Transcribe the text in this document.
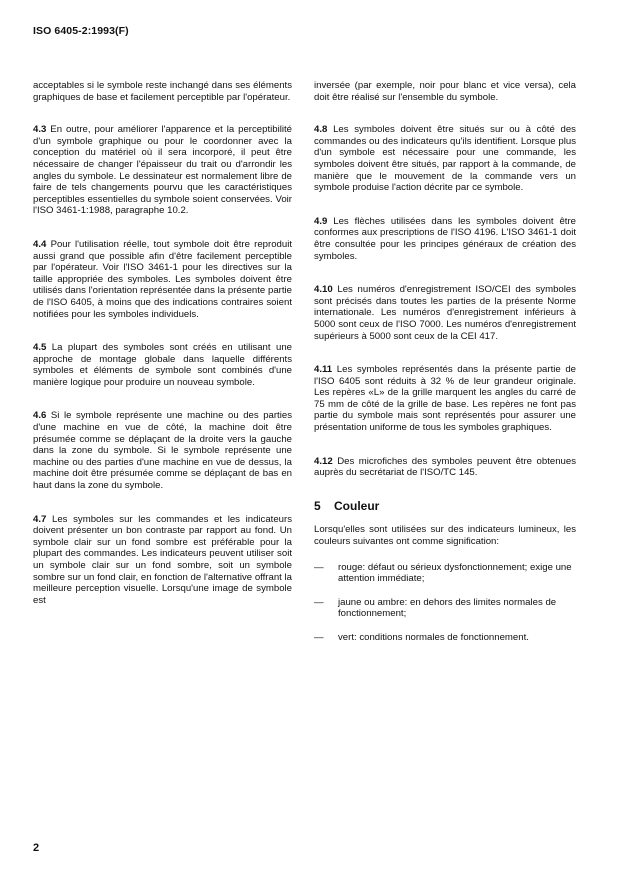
ISO 6405-2:1993(F)

acceptables si le symbole reste inchangé dans ses éléments graphiques de base et facilement perceptible par l'opérateur.

4.3 En outre, pour améliorer l'apparence et la perceptibilité d'un symbole graphique ou pour le coordonner avec la conception du matériel où il sera incorporé, il peut être nécessaire de changer l'épaisseur du trait ou d'arrondir les angles du symbole. Le dessinateur est normalement libre de faire de tels changements pourvu que les caractéristiques perceptibles essentielles du symbole soient conservées. Voir l'ISO 3461-1:1988, paragraphe 10.2.

4.4 Pour l'utilisation réelle, tout symbole doit être reproduit aussi grand que possible afin d'être facilement perceptible par l'opérateur. Voir l'ISO 3461-1 pour les directives sur la taille appropriée des symboles. Les symboles doivent être utilisés dans l'orientation représentée dans la présente partie de l'ISO 6405, à moins que des indications contraires soient notifiées pour les symboles individuels.

4.5 La plupart des symboles sont créés en utilisant une approche de montage globale dans laquelle différents symboles et éléments de symbole sont combinés d'une manière logique pour produire un nouveau symbole.

4.6 Si le symbole représente une machine ou des parties d'une machine en vue de côté, la machine doit être présumée comme se déplaçant de la droite vers la gauche dans la zone du symbole. Si le symbole représente une machine ou des parties d'une machine en vue de dessus, la machine doit être présumée comme se déplaçant de bas en haut dans la zone du symbole.

4.7 Les symboles sur les commandes et les indicateurs doivent présenter un bon contraste par rapport au fond. Un symbole clair sur un fond sombre est préférable pour la plupart des commandes. Les indicateurs peuvent utiliser soit un symbole clair sur un fond sombre, soit un symbole sombre sur un fond clair, en fonction de l'alternative offrant la meilleure perception visuelle. Lorsqu'une image de symbole est

inversée (par exemple, noir pour blanc et vice versa), cela doit être réalisé sur l'ensemble du symbole.

4.8 Les symboles doivent être situés sur ou à côté des commandes ou des indicateurs qu'ils identifient. Lorsque plus d'un symbole est nécessaire pour une commande, les symboles doivent être situés, par rapport à la commande, de manière que le mouvement de la commande vers un symbole produise l'action décrite par ce symbole.

4.9 Les flèches utilisées dans les symboles doivent être conformes aux prescriptions de l'ISO 4196. L'ISO 3461-1 doit être consultée pour les principes généraux de création des symboles.

4.10 Les numéros d'enregistrement ISO/CEI des symboles sont précisés dans toutes les parties de la présente Norme internationale. Les numéros d'enregistrement inférieurs à 5000 sont ceux de l'ISO 7000. Les numéros d'enregistrement supérieurs à 5000 sont ceux de la CEI 417.

4.11 Les symboles représentés dans la présente partie de l'ISO 6405 sont réduits à 32 % de leur grandeur originale. Les repères «L» de la grille marquent les angles du carré de 75 mm de côté de la grille de base. Les repères ne font pas partie du symbole mais sont représentés pour assurer une présentation uniforme de tous les symboles graphiques.

4.12 Des microfiches des symboles peuvent être obtenues auprès du secrétariat de l'ISO/TC 145.

5 Couleur

Lorsqu'elles sont utilisées sur des indicateurs lumineux, les couleurs suivantes ont comme signification:

— rouge: défaut ou sérieux dysfonctionnement; exige une attention immédiate;
— jaune ou ambre: en dehors des limites normales de fonctionnement;
— vert: conditions normales de fonctionnement.
2
